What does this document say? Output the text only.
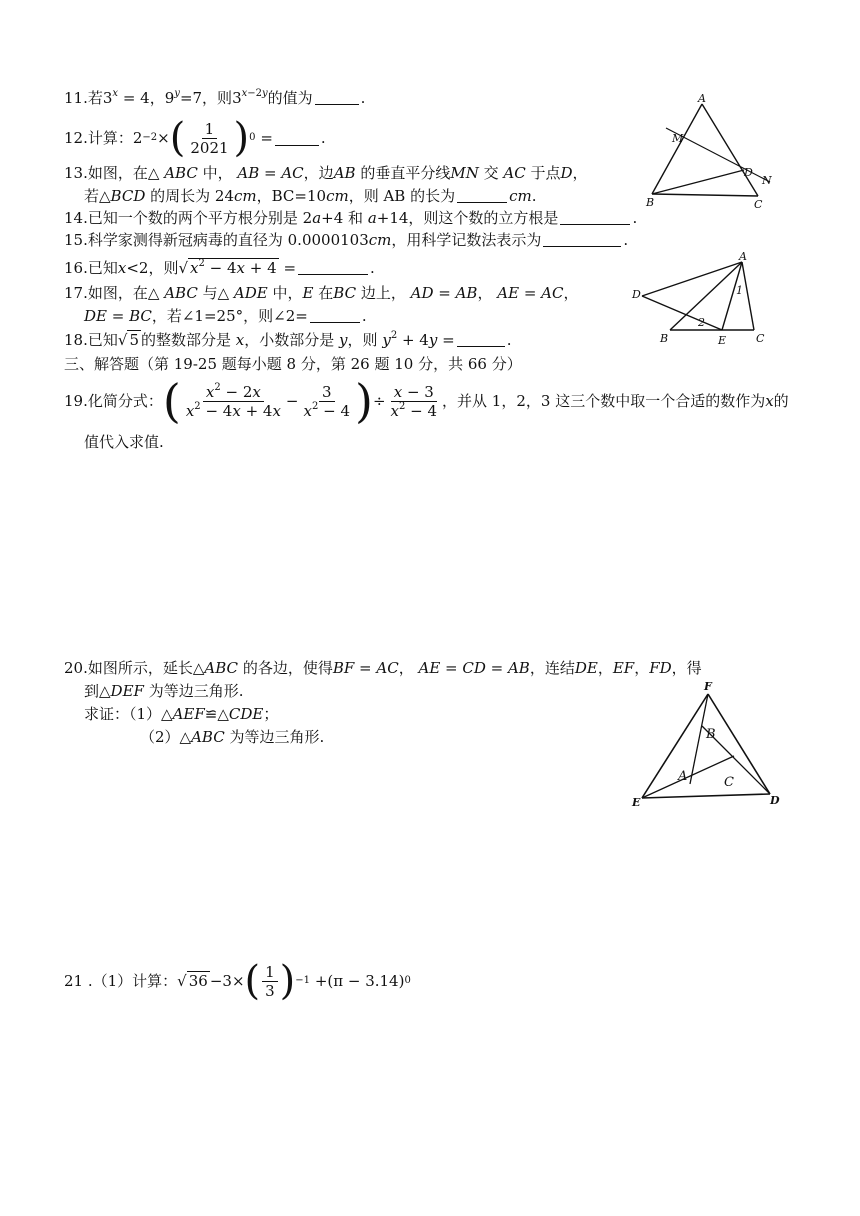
11.若$3^x = 4$，$9^y=7$，则$3^{x-2y}$的值为	.
12. 计算： 2 −2 × ( $\frac{1}{2021}$ ) 0
=	.
13.如图，在△ ABC 中， AB = AC，边AB 的垂直平分线MN 交 AC 于点D，
若△BCD 的周长为 24cm，BC=10cm，则 AB 的长为	cm.
14.已知一个数的两个平方根分别是 2a+4 和 a+14，则这个数的立方根是	.
15.科学家测得新冠病毒的直径为 0.0000103cm，用科学记数法表示为	.
16.已知x<2，则√ $x^2 - 4x + 4$ =	.
17.如图，在△ ABC 与△ ADE 中，E 在BC 边上， AD = AB， AE = AC，
DE = BC，若∠1=25°，则∠2=	.
18.已知√ 5 的整数部分是 x，小数部分是 y，则 $y^2 + 4y$ =	.
三、解答题（第 19-25 题每小题 8 分，第 26 题 10 分，共 66 分）
19. 化简分式： ( $\frac{x^2 - 2x}{x^2 - 4x + 4x} - \frac{3}{x^2 - 4}$ ) ÷ $\frac{x - 3}{x^2 - 4}$ ，并从 1，2，3 这三个数中取一个合适的数作为 x 的
值代入求值.
20.如图所示，延长△ABC 的各边，使得BF = AC， AE = CD = AB，连结DE，EF，FD，得
到△DEF 为等边三角形.
求证：（1）△AEF≌△CDE；
（2）△ABC 为等边三角形.
21 . （1）计算： √ 36 −3× ( $\frac{1}{3}$ ) −1
+ (π − 3.14) 0
A
M
D
N
B	C
A
D	1
2
B	E	C
F
B
A	C
E	D
